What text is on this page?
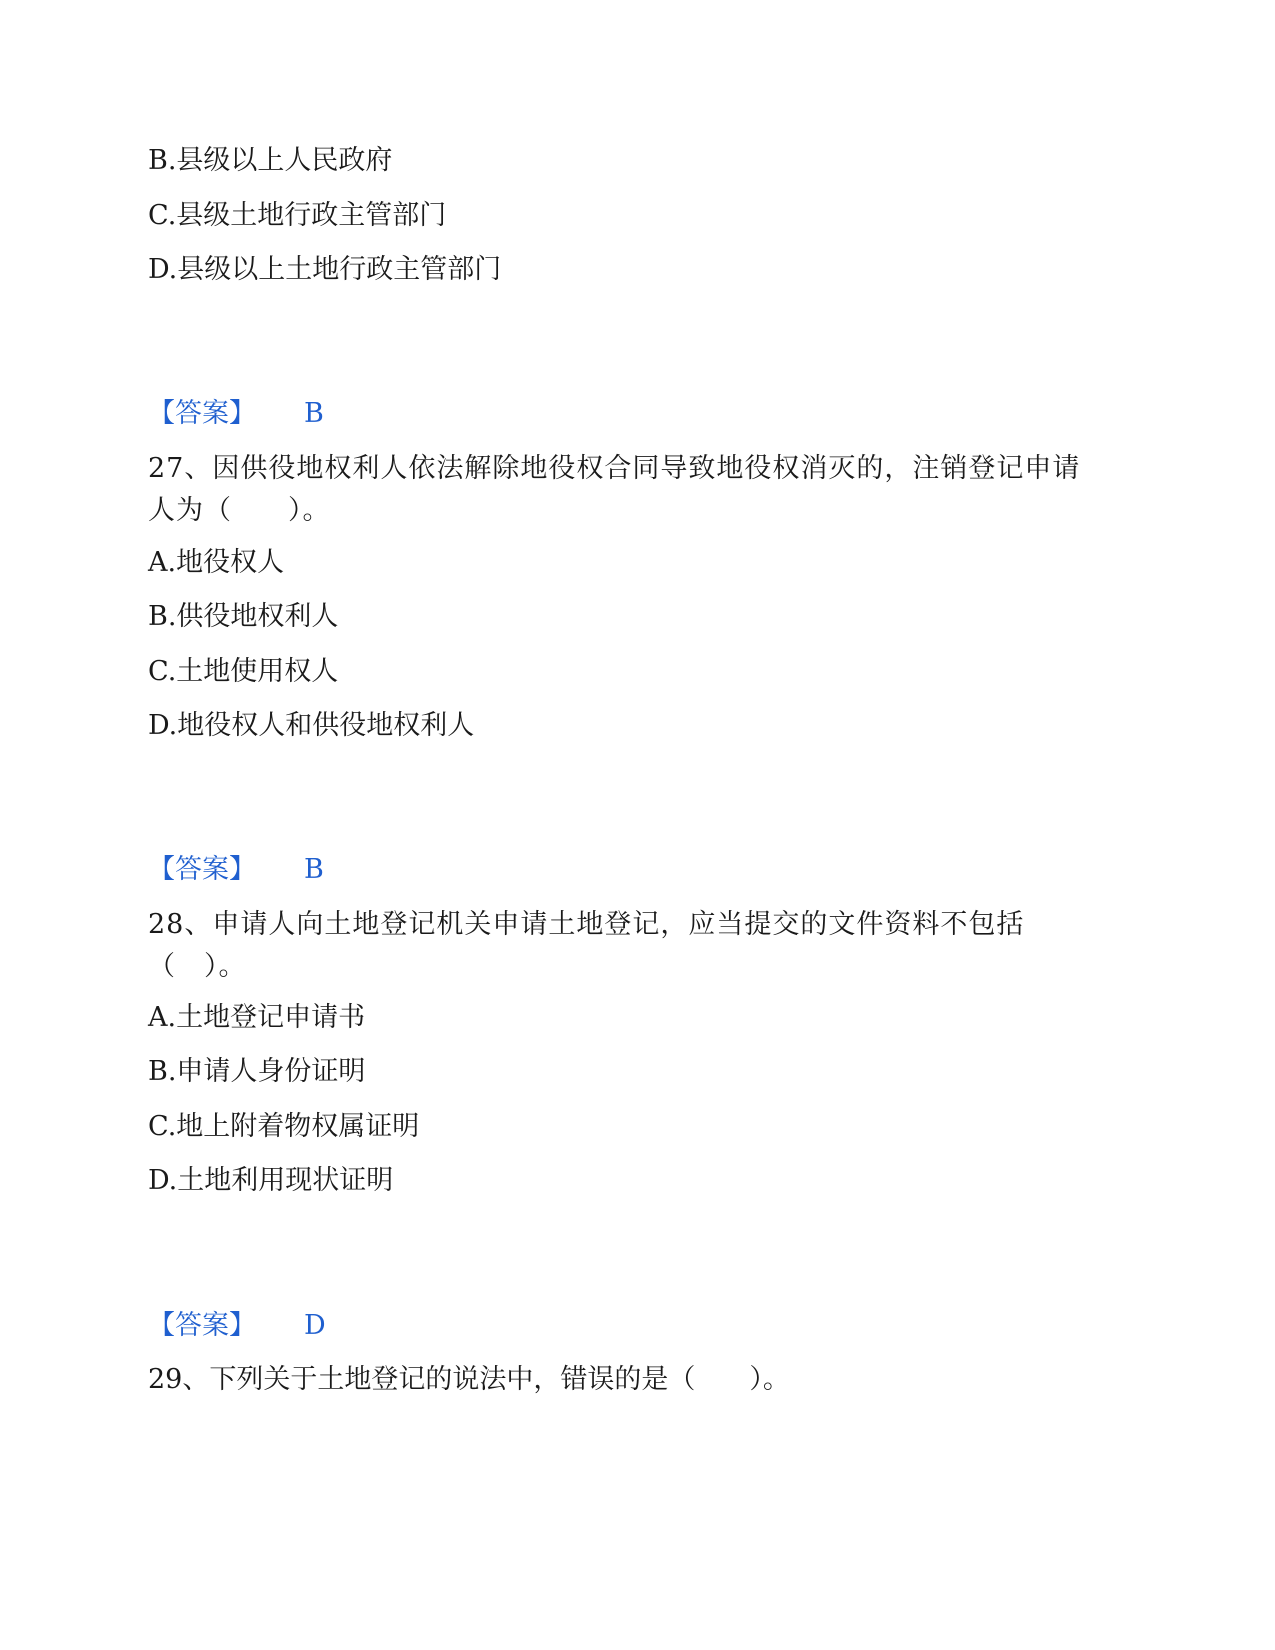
B.县级以上人民政府
C.县级土地行政主管部门
D.县级以上土地行政主管部门
【答案】 B
27、因供役地权利人依法解除地役权合同导致地役权消灭的，注销登记申请人为（　　）。
A.地役权人
B.供役地权利人
C.土地使用权人
D.地役权人和供役地权利人
【答案】 B
28、申请人向土地登记机关申请土地登记，应当提交的文件资料不包括（　）。
A.土地登记申请书
B.申请人身份证明
C.地上附着物权属证明
D.土地利用现状证明
【答案】 D
29、下列关于土地登记的说法中，错误的是（　　）。
